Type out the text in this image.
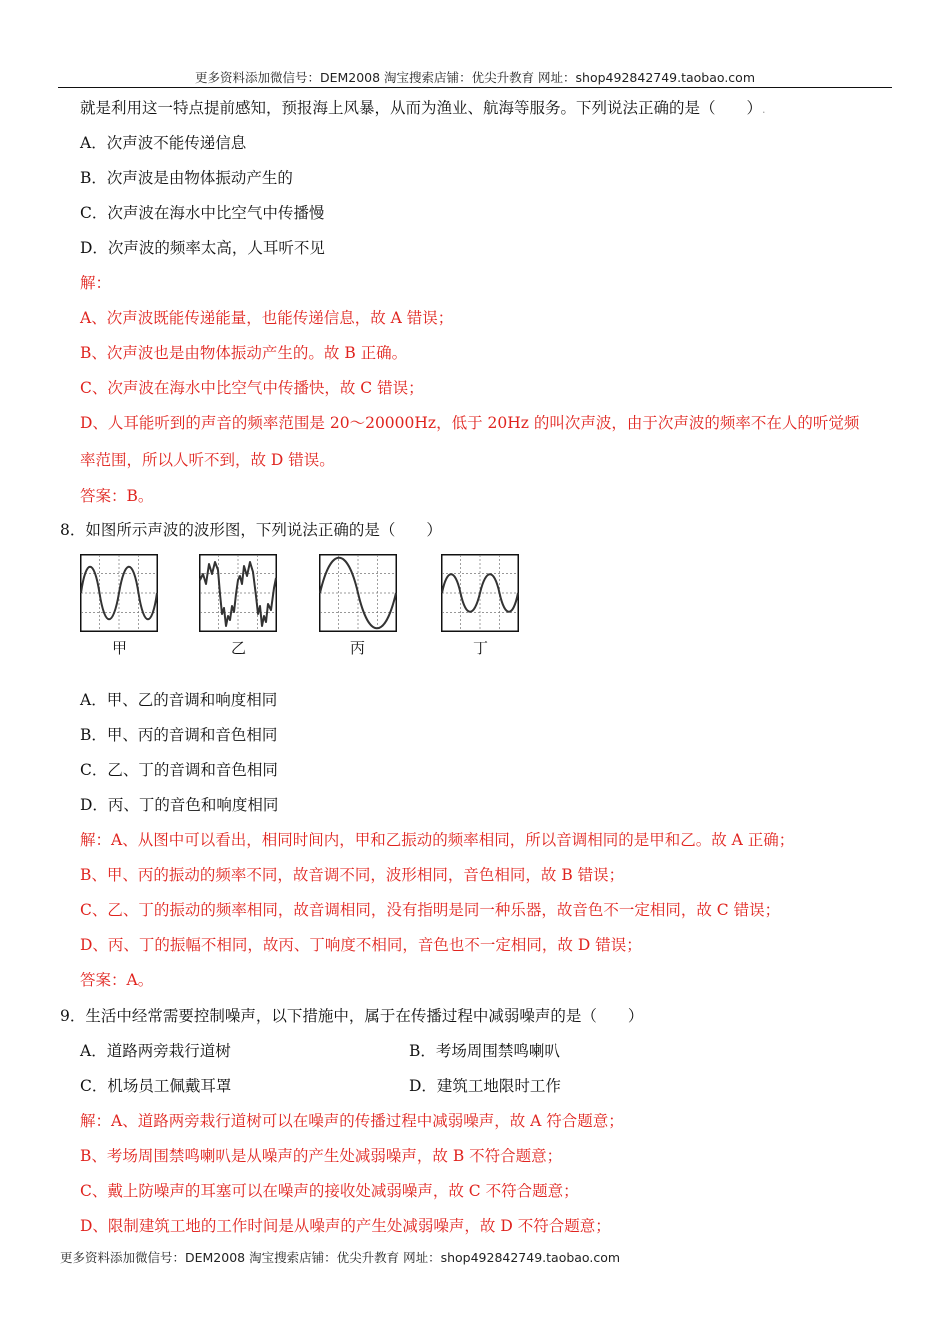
更多资料添加微信号：DEM2008 淘宝搜索店铺：优尖升教育 网址：shop492842749.taobao.com
就是利用这一特点提前感知，预报海上风暴，从而为渔业、航海等服务。下列说法正确的是（　　）.
A．次声波不能传递信息
B．次声波是由物体振动产生的
C．次声波在海水中比空气中传播慢
D．次声波的频率太高，人耳听不见
解：
A、次声波既能传递能量，也能传递信息，故 A 错误；
B、次声波也是由物体振动产生的。故 B 正确。
C、次声波在海水中比空气中传播快，故 C 错误；
D、人耳能听到的声音的频率范围是 20～20000Hz，低于 20Hz 的叫次声波，由于次声波的频率不在人的听觉频
率范围，所以人听不到，故 D 错误。
答案：B。
8．如图所示声波的波形图，下列说法正确的是（　　）
甲	乙	丙	丁
A．甲、乙的音调和响度相同
B．甲、丙的音调和音色相同
C．乙、丁的音调和音色相同
D．丙、丁的音色和响度相同
解：A、从图中可以看出，相同时间内，甲和乙振动的频率相同，所以音调相同的是甲和乙。故 A 正确；
B、甲、丙的振动的频率不同，故音调不同，波形相同，音色相同，故 B 错误；
C、乙、丁的振动的频率相同，故音调相同，没有指明是同一种乐器，故音色不一定相同，故 C 错误；
D、丙、丁的振幅不相同，故丙、丁响度不相同，音色也不一定相同，故 D 错误；
答案：A。
9．生活中经常需要控制噪声，以下措施中，属于在传播过程中减弱噪声的是（　　）
A．道路两旁栽行道树	B．考场周围禁鸣喇叭
C．机场员工佩戴耳罩	D．建筑工地限时工作
解：A、道路两旁栽行道树可以在噪声的传播过程中减弱噪声，故 A 符合题意；
B、考场周围禁鸣喇叭是从噪声的产生处减弱噪声，故 B 不符合题意；
C、戴上防噪声的耳塞可以在噪声的接收处减弱噪声，故 C 不符合题意；
D、限制建筑工地的工作时间是从噪声的产生处减弱噪声，故 D 不符合题意；
更多资料添加微信号：DEM2008 淘宝搜索店铺：优尖升教育 网址：shop492842749.taobao.com
